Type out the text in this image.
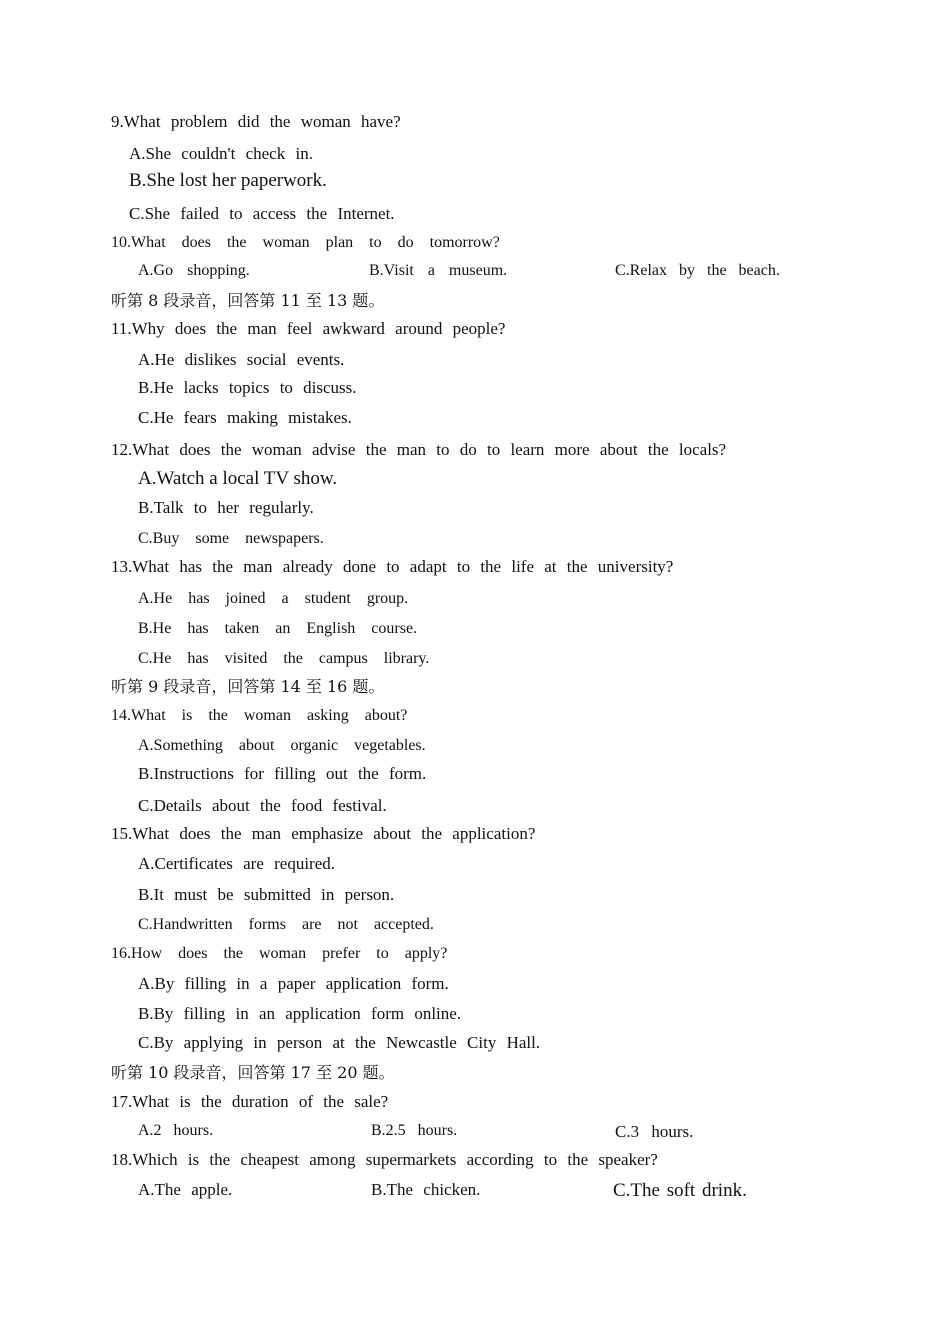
9.What problem did the woman have?
A.She couldn't check in.
B.She lost her paperwork.
C.She failed to access the Internet.
10.What does the woman plan to do tomorrow?
A.Go shopping.	B.Visit a museum.	C.Relax by the beach.
听第 8 段录音，回答第 11 至 13 题。
11.Why does the man feel awkward around people?
A.He dislikes social events.
B.He lacks topics to discuss.
C.He fears making mistakes.
12.What does the woman advise the man to do to learn more about the locals?
A.Watch a local TV show.
B.Talk to her regularly.
C.Buy some newspapers.
13.What has the man already done to adapt to the life at the university?
A.He has joined a student group.
B.He has taken an English course.
C.He has visited the campus library.
听第 9 段录音，回答第 14 至 16 题。
14.What is the woman asking about?
A.Something about organic vegetables.
B.Instructions for filling out the form.
C.Details about the food festival.
15.What does the man emphasize about the application?
A.Certificates are required.
B.It must be submitted in person.
C.Handwritten forms are not accepted.
16.How does the woman prefer to apply?
A.By filling in a paper application form.
B.By filling in an application form online.
C.By applying in person at the Newcastle City Hall.
听第 10 段录音，回答第 17 至 20 题。
17.What is the duration of the sale?
A.2 hours.	B.2.5 hours.	C.3 hours.
18.Which is the cheapest among supermarkets according to the speaker?
A.The apple.	B.The chicken.	C.The soft drink.
